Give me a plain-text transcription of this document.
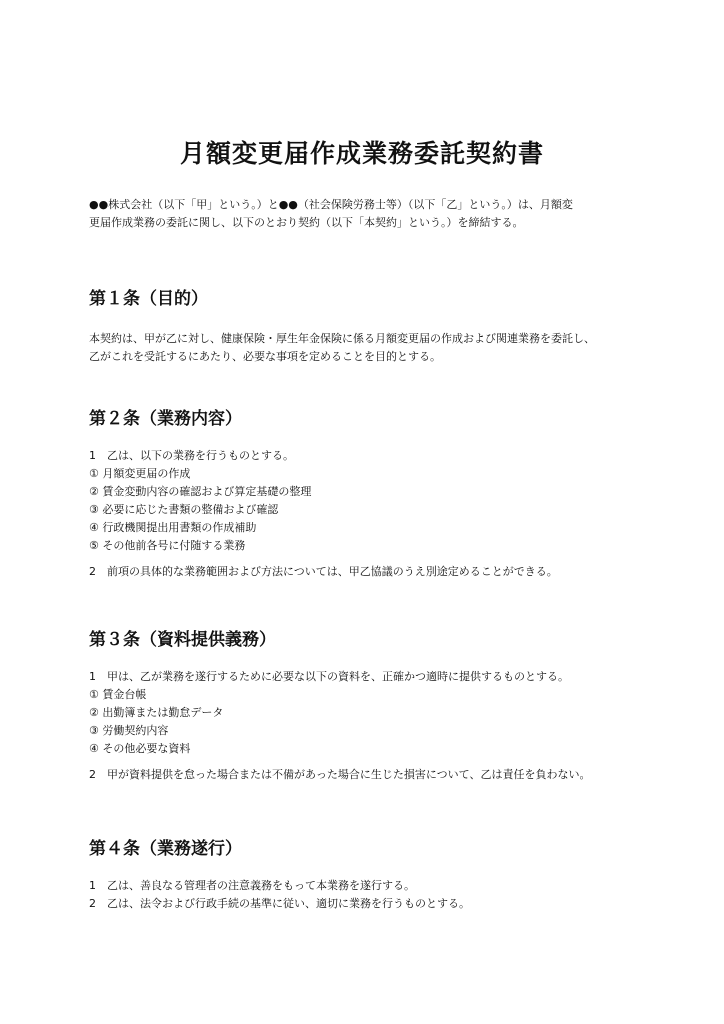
月額変更届作成業務委託契約書

●●株式会社（以下「甲」という。）と●●（社会保険労務士等）（以下「乙」という。）は、月額変

更届作成業務の委託に関し、以下のとおり契約（以下「本契約」という。）を締結する。

第１条（目的）

本契約は、甲が乙に対し、健康保険・厚生年金保険に係る月額変更届の作成および関連業務を委託し、

乙がこれを受託するにあたり、必要な事項を定めることを目的とする。

第２条（業務内容）

1　乙は、以下の業務を行うものとする。

① 月額変更届の作成

② 賃金変動内容の確認および算定基礎の整理

③ 必要に応じた書類の整備および確認

④ 行政機関提出用書類の作成補助

⑤ その他前各号に付随する業務

2　前項の具体的な業務範囲および方法については、甲乙協議のうえ別途定めることができる。

第３条（資料提供義務）

1　甲は、乙が業務を遂行するために必要な以下の資料を、正確かつ適時に提供するものとする。

① 賃金台帳

② 出勤簿または勤怠データ

③ 労働契約内容

④ その他必要な資料

2　甲が資料提供を怠った場合または不備があった場合に生じた損害について、乙は責任を負わない。

第４条（業務遂行）

1　乙は、善良なる管理者の注意義務をもって本業務を遂行する。

2　乙は、法令および行政手続の基準に従い、適切に業務を行うものとする。
